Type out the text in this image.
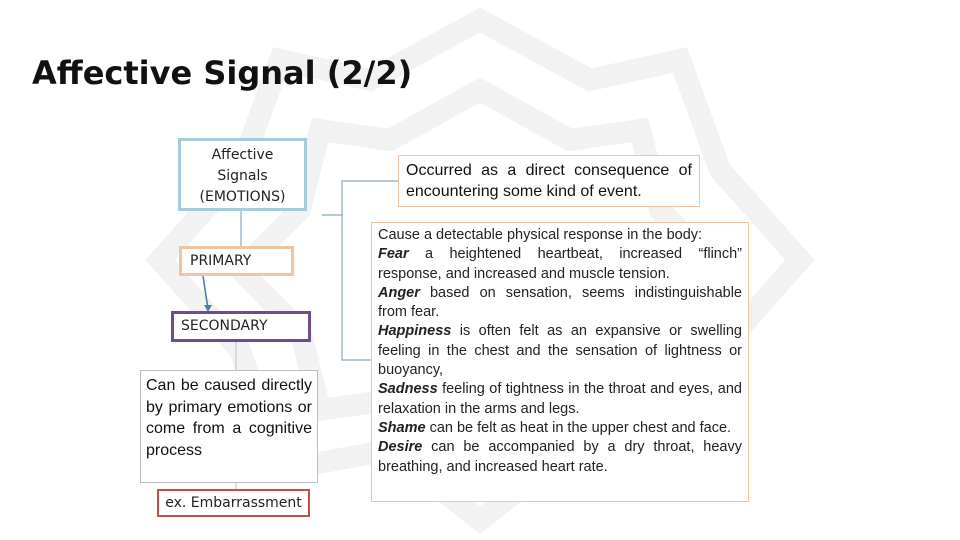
Affective Signal (2/2)
Affective
Signals
(EMOTIONS)
PRIMARY
SECONDARY
Can be caused directly by primary emotions or come from a cognitive process
ex. Embarrassment
Occurred as a direct consequence of encountering some kind of event.

Cause a detectable physical response in the body:

Fear a heightened heartbeat, increased “flinch” response, and increased and muscle tension.

Anger based on sensation, seems indistinguishable from fear.

Happiness is often felt as an expansive or swelling feeling in the chest and the sensation of lightness or buoyancy,

Sadness feeling of tightness in the throat and eyes, and relaxation in the arms and legs.

Shame can be felt as heat in the upper chest and face.

Desire can be accompanied by a dry throat, heavy breathing, and increased heart rate.
